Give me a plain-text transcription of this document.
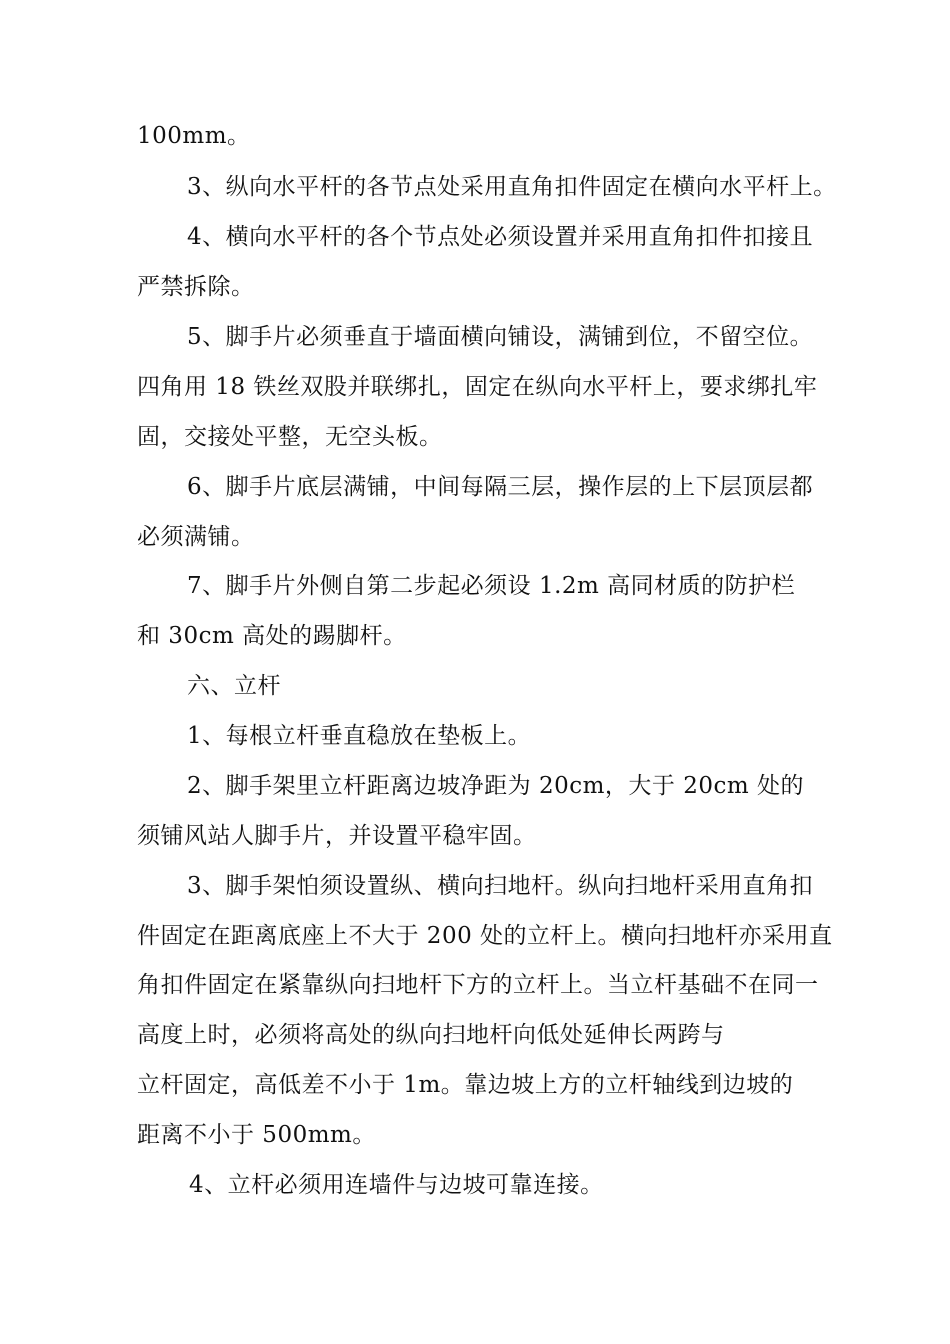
100mm。
3、纵向水平杆的各节点处采用直角扣件固定在横向水平杆上。
4、横向水平杆的各个节点处必须设置并采用直角扣件扣接且
严禁拆除。
5、脚手片必须垂直于墙面横向铺设，满铺到位，不留空位。
四角用 18 铁丝双股并联绑扎，固定在纵向水平杆上，要求绑扎牢
固，交接处平整，无空头板。
6、脚手片底层满铺，中间每隔三层，操作层的上下层顶层都
必须满铺。
7、脚手片外侧自第二步起必须设 1.2m 高同材质的防护栏
和 30cm 高处的踢脚杆。
六、立杆
1、每根立杆垂直稳放在垫板上。
2、脚手架里立杆距离边坡净距为 20cm，大于 20cm 处的
须铺风站人脚手片，并设置平稳牢固。
3、脚手架怕须设置纵、横向扫地杆。纵向扫地杆采用直角扣
件固定在距离底座上不大于 200 处的立杆上。横向扫地杆亦采用直
角扣件固定在紧靠纵向扫地杆下方的立杆上。当立杆基础不在同一
高度上时，必须将高处的纵向扫地杆向低处延伸长两跨与
立杆固定，高低差不小于 1m。靠边坡上方的立杆轴线到边坡的
距离不小于 500mm。
4、立杆必须用连墙件与边坡可靠连接。
